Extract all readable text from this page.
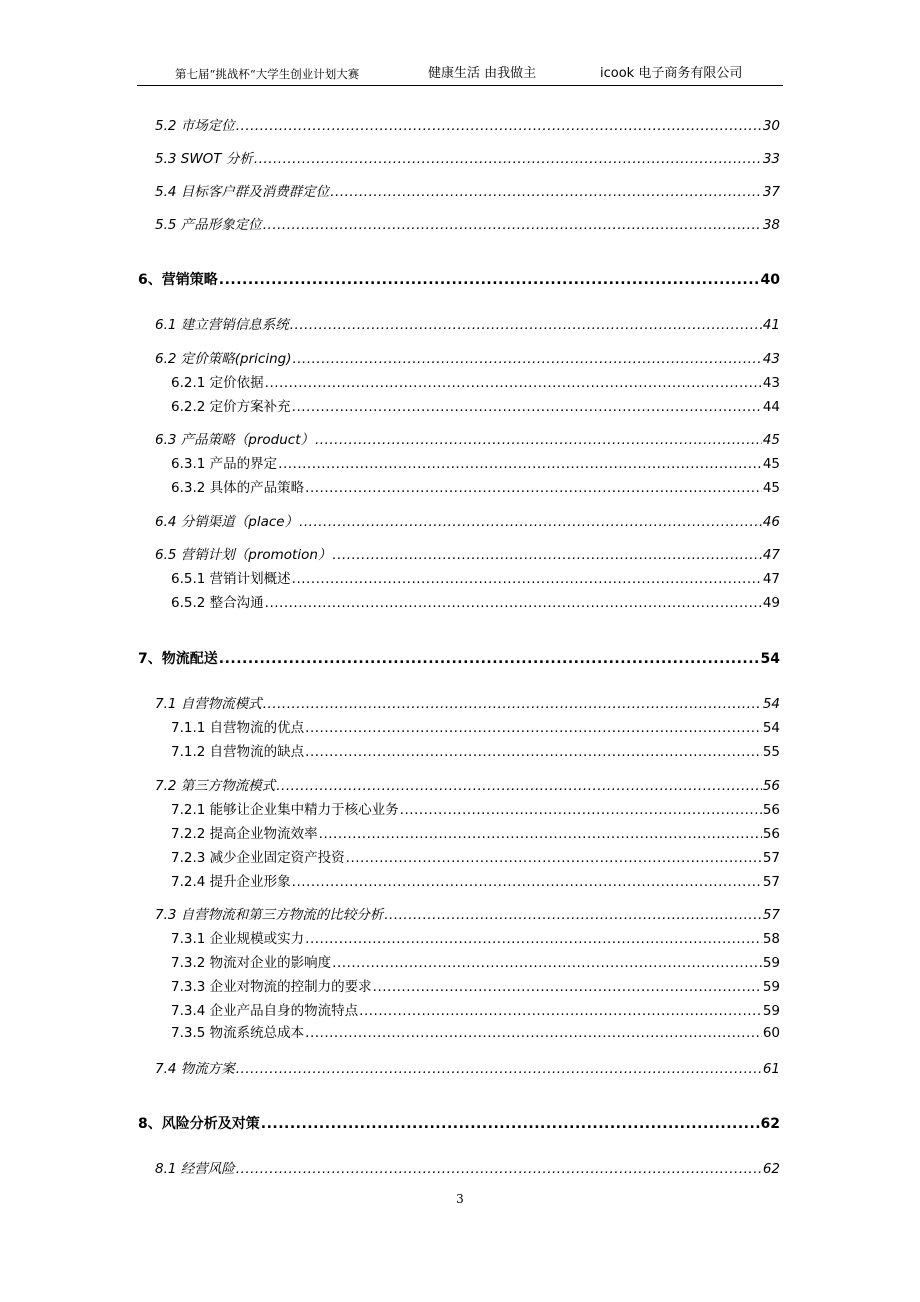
第七届“挑战杯“大学生创业计划大赛	健康生活 由我做主	icook 电子商务有限公司
5.2 市场定位 .....	30
5.3 SWOT 分析 .....	33
5.4 目标客户群及消费群定位 .....	37
5.5 产品形象定位 .....	38
6、 营销策略 .....	40
6.1 建立营销信息系统 .....	41
6.2 定价策略(pricing) .....	43
6.2.1 定价依据 .....	43
6.2.2 定价方案补充 .....	44
6.3 产品策略（product） .....	45
6.3.1 产品的界定 .....	45
6.3.2 具体的产品策略 .....	45
6.4 分销渠道（place） .....	46
6.5 营销计划（promotion） .....	47
6.5.1 营销计划概述 .....	47
6.5.2 整合沟通 .....	49
7、 物流配送 .....	54
7.1 自营物流模式 .....	54
7.1.1 自营物流的优点 .....	54
7.1.2 自营物流的缺点 .....	55
7.2 第三方物流模式 .....	56
7.2.1 能够让企业集中精力于核心业务 .....	56
7.2.2 提高企业物流效率 .....	56
7.2.3 减少企业固定资产投资 .....	57
7.2.4 提升企业形象 .....	57
7.3 自营物流和第三方物流的比较分析 .....	57
7.3.1 企业规模或实力 .....	58
7.3.2 物流对企业的影响度 .....	59
7.3.3 企业对物流的控制力的要求 .....	59
7.3.4 企业产品自身的物流特点 .....	59
7.3.5 物流系统总成本 .....	60
7.4 物流方案 .....	61
8、 风险分析及对策 .....	62
8.1 经营风险 .....	62
3
